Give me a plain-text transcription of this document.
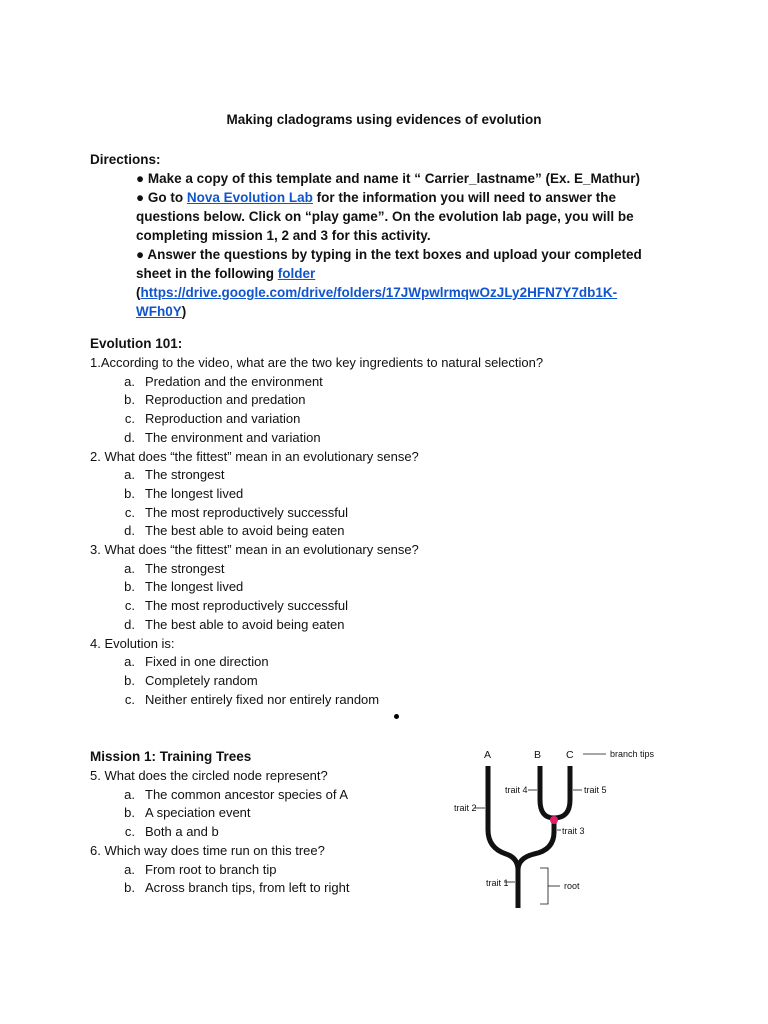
Making cladograms using evidences of evolution
Directions:
● Make a copy of this template and name it “ Carrier_lastname” (Ex. E_Mathur)
● Go to Nova Evolution Lab for the information you will need to answer the questions below. Click on “play game”. On the evolution lab page, you will be completing mission 1, 2 and 3 for this activity.
● Answer the questions by typing in the text boxes and upload your completed sheet in the following folder
(https://drive.google.com/drive/folders/17JWpwlrmqwOzJLy2HFN7Y7db1K-WFh0Y)
Evolution 101:

1.According to the video, what are the two key ingredients to natural selection?

a. Predation and the environment
b. Reproduction and predation
c. Reproduction and variation
d. The environment and variation

2. What does “the fittest” mean in an evolutionary sense?

a. The strongest
b. The longest lived
c. The most reproductively successful
d. The best able to avoid being eaten

3. What does “the fittest” mean in an evolutionary sense?

a. The strongest
b. The longest lived
c. The most reproductively successful
d. The best able to avoid being eaten

4. Evolution is:

a. Fixed in one direction
b. Completely random
c. Neither entirely fixed nor entirely random
Mission 1: Training Trees

5. What does the circled node represent?

a. The common ancestor species of A
b. A speciation event
c. Both a and b

6. Which way does time run on this tree?

a. From root to branch tip
b. Across branch tips, from left to right
A	B C	branch tips
trait 4	trait 5
trait 2
trait 3
trait 1	root
